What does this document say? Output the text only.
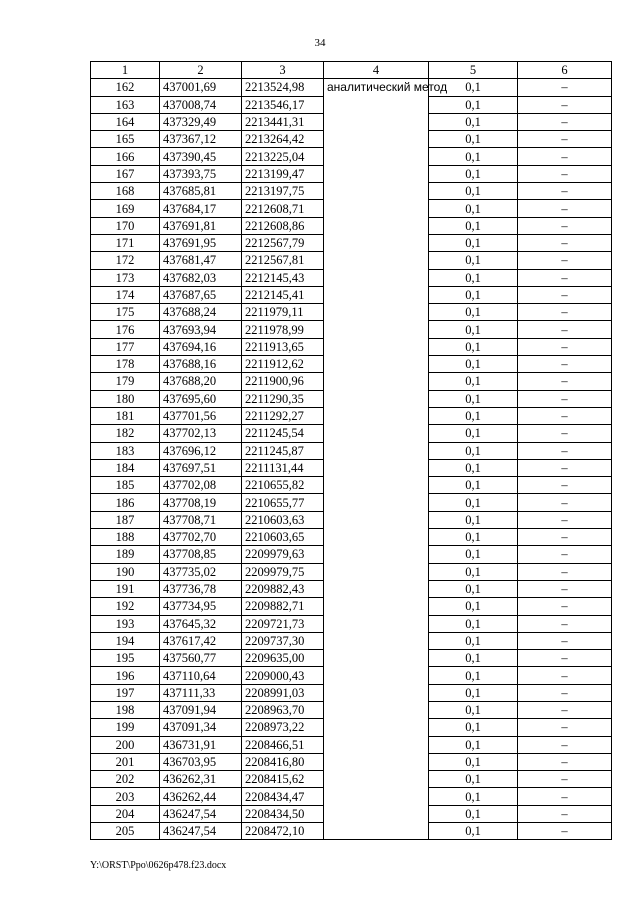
34
1	2	3	4	5	6
162	437001,69	2213524,98	аналитический метод	0,1	–
163	437008,74	2213546,17		0,1	–
164	437329,49	2213441,31		0,1	–
165	437367,12	2213264,42		0,1	–
166	437390,45	2213225,04		0,1	–
167	437393,75	2213199,47		0,1	–
168	437685,81	2213197,75		0,1	–
169	437684,17	2212608,71		0,1	–
170	437691,81	2212608,86		0,1	–
171	437691,95	2212567,79		0,1	–
172	437681,47	2212567,81		0,1	–
173	437682,03	2212145,43		0,1	–
174	437687,65	2212145,41		0,1	–
175	437688,24	2211979,11		0,1	–
176	437693,94	2211978,99		0,1	–
177	437694,16	2211913,65		0,1	–
178	437688,16	2211912,62		0,1	–
179	437688,20	2211900,96		0,1	–
180	437695,60	2211290,35		0,1	–
181	437701,56	2211292,27		0,1	–
182	437702,13	2211245,54		0,1	–
183	437696,12	2211245,87		0,1	–
184	437697,51	2211131,44		0,1	–
185	437702,08	2210655,82		0,1	–
186	437708,19	2210655,77		0,1	–
187	437708,71	2210603,63		0,1	–
188	437702,70	2210603,65		0,1	–
189	437708,85	2209979,63		0,1	–
190	437735,02	2209979,75		0,1	–
191	437736,78	2209882,43		0,1	–
192	437734,95	2209882,71		0,1	–
193	437645,32	2209721,73		0,1	–
194	437617,42	2209737,30		0,1	–
195	437560,77	2209635,00		0,1	–
196	437110,64	2209000,43		0,1	–
197	437111,33	2208991,03		0,1	–
198	437091,94	2208963,70		0,1	–
199	437091,34	2208973,22		0,1	–
200	436731,91	2208466,51		0,1	–
201	436703,95	2208416,80		0,1	–
202	436262,31	2208415,62		0,1	–
203	436262,44	2208434,47		0,1	–
204	436247,54	2208434,50		0,1	–
205	436247,54	2208472,10		0,1	–
Y:\ORST\Ppo\0626p478.f23.docx
